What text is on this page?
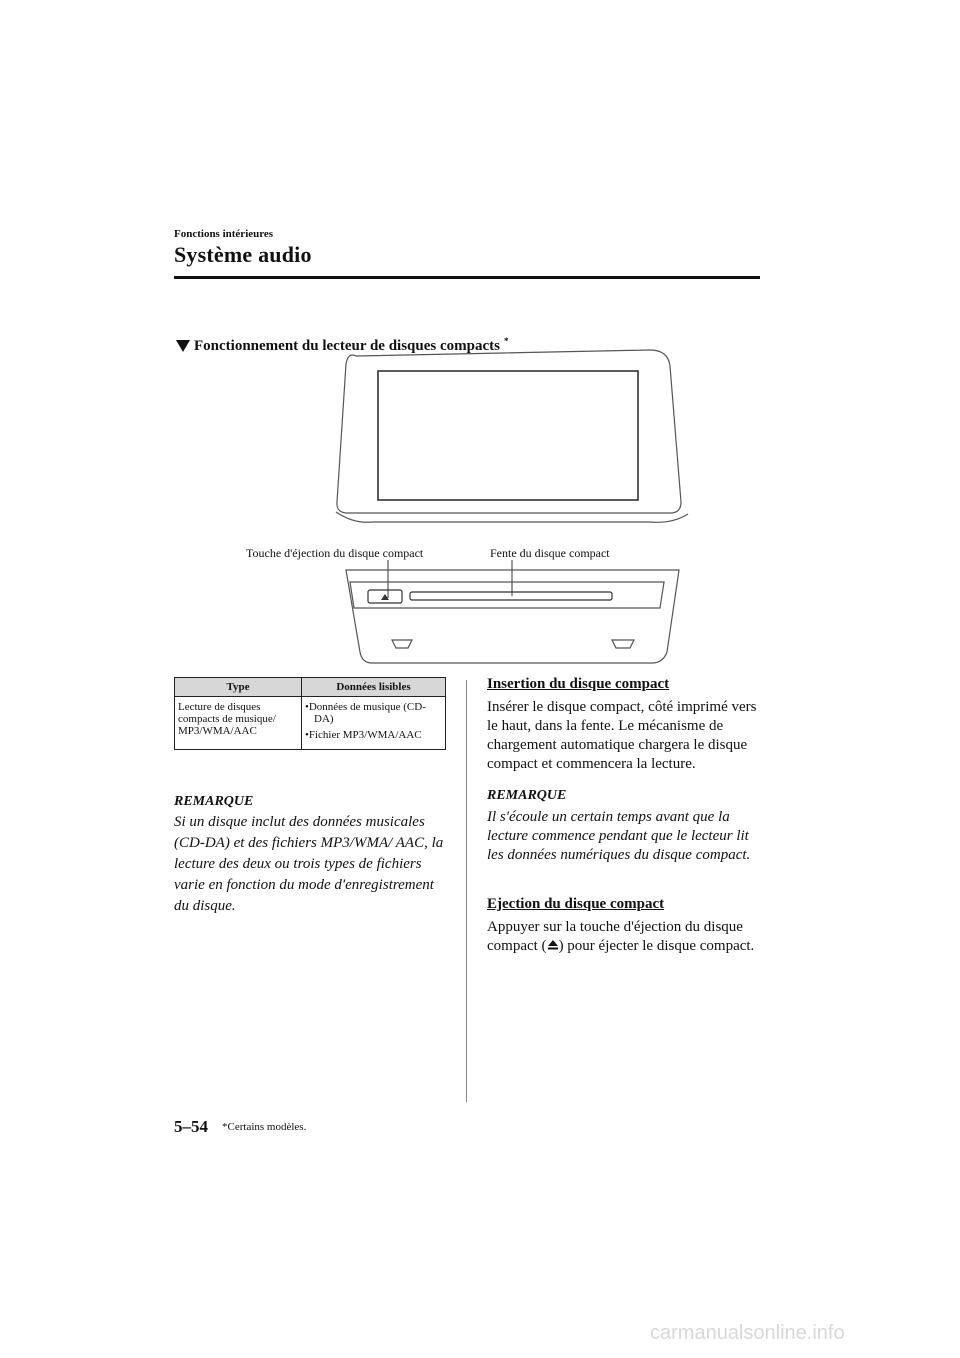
Fonctions intérieures
Système audio
Fonctionnement du lecteur de disques compacts *
Touche d'éjection du disque compact	Fente du disque compact
Type	Données lisibles
Lecture de disques compacts de musique/ MP3/WMA/AAC	•Données de musique (CD-DA)
•Fichier MP3/WMA/AAC
REMARQUE
Si un disque inclut des données musicales (CD-DA) et des fichiers MP3/WMA/ AAC, la lecture des deux ou trois types de fichiers varie en fonction du mode d'enregistrement du disque.
Insertion du disque compact
Insérer le disque compact, côté imprimé vers le haut, dans la fente. Le mécanisme de chargement automatique chargera le disque compact et commencera la lecture.
REMARQUE
Il s'écoule un certain temps avant que la lecture commence pendant que le lecteur lit les données numériques du disque compact.
Ejection du disque compact
Appuyer sur la touche d'éjection du disque compact ( ) pour éjecter le disque compact.
5–54 *Certains modèles.
carmanualsonline.info
